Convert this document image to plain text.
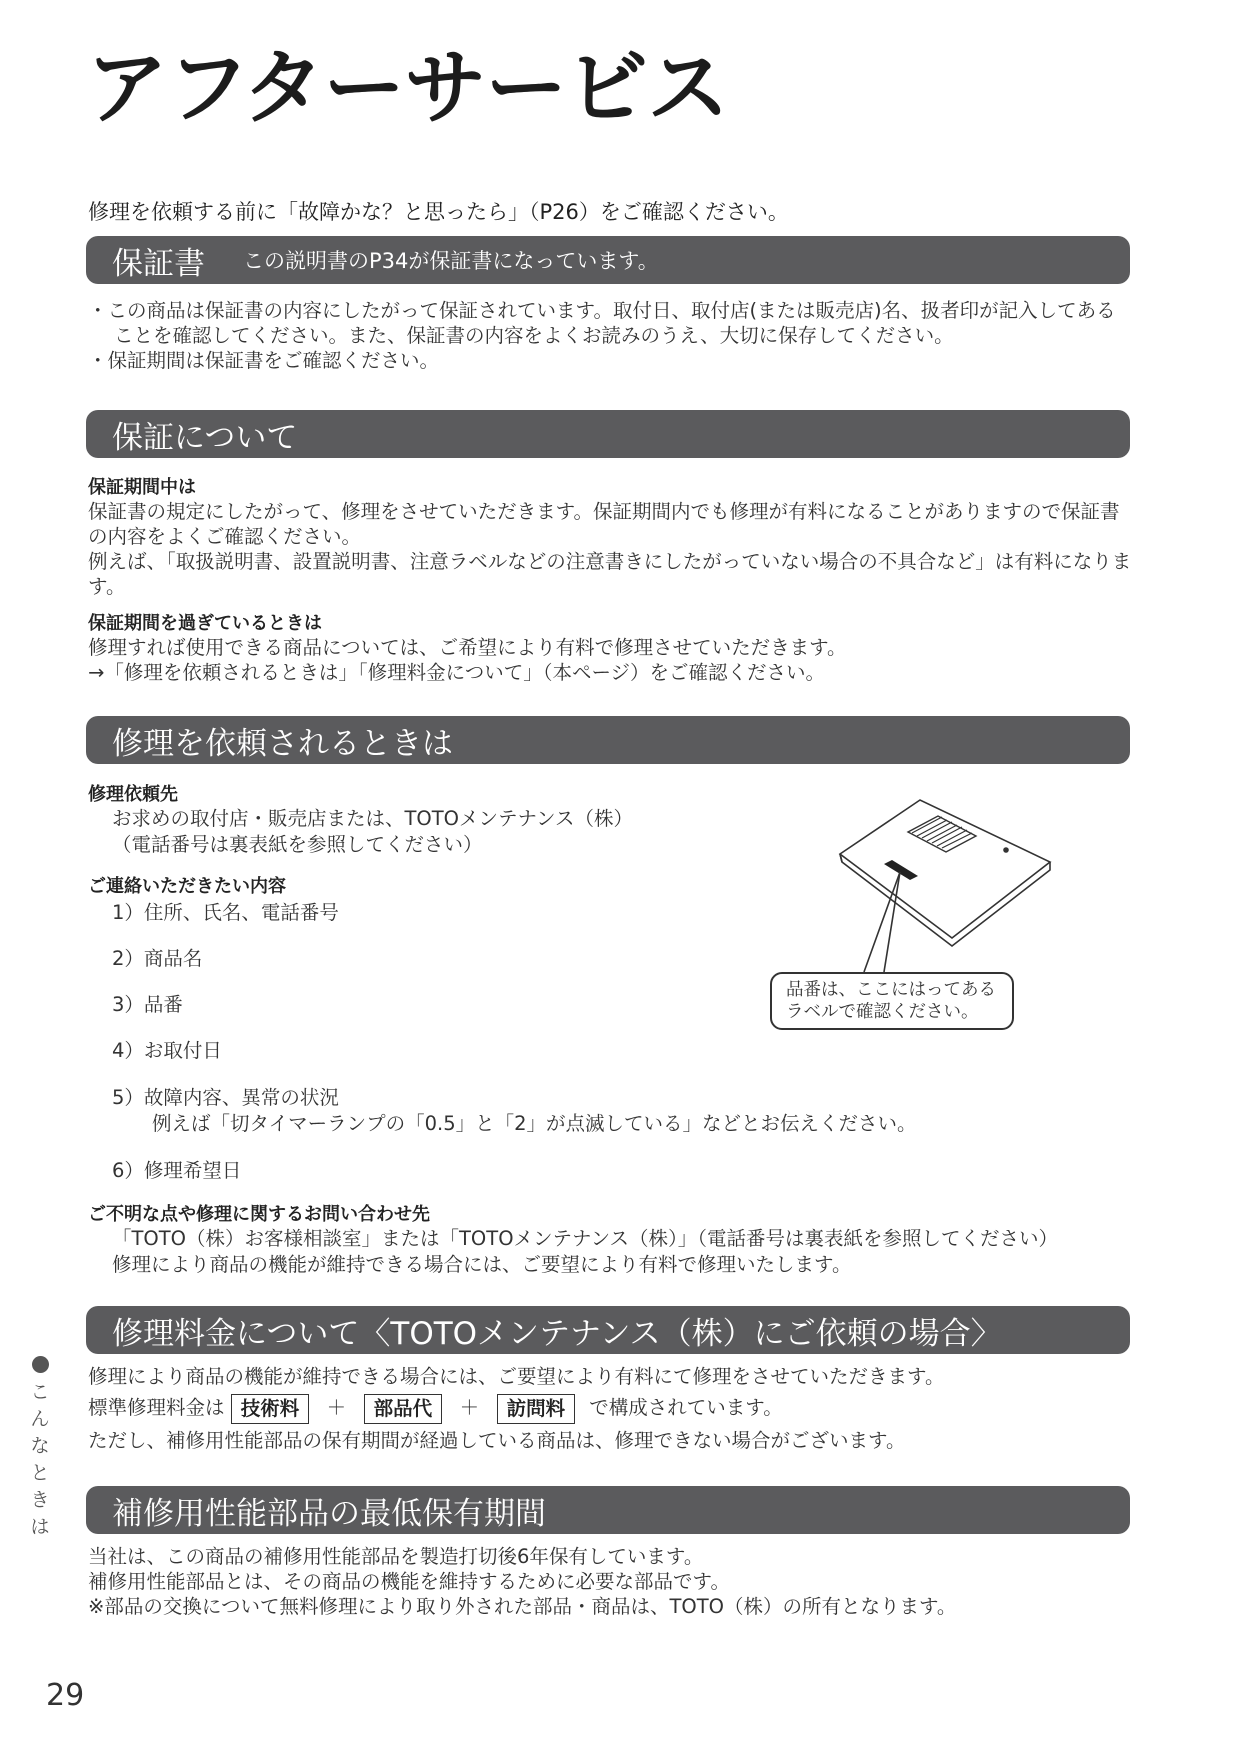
アフターサービス
修理を依頼する前に「故障かな？と思ったら」（P26）をご確認ください。
保証書 この説明書のP34が保証書になっています。
・この商品は保証書の内容にしたがって保証されています。取付日、取付店(または販売店)名、扱者印が記入してあることを確認してください。また、保証書の内容をよくお読みのうえ、大切に保存してください。
・保証期間は保証書をご確認ください。
保証について
保証期間中は
保証書の規定にしたがって、修理をさせていただきます。保証期間内でも修理が有料になることがありますので保証書の内容をよくご確認ください。
例えば、「取扱説明書、設置説明書、注意ラベルなどの注意書きにしたがっていない場合の不具合など」は有料になります。
保証期間を過ぎているときは
修理すれば使用できる商品については、ご希望により有料で修理させていただきます。
→「修理を依頼されるときは」「修理料金について」（本ページ）をご確認ください。
修理を依頼されるときは
修理依頼先
お求めの取付店・販売店または、TOTOメンテナンス（株）
（電話番号は裏表紙を参照してください）
ご連絡いただきたい内容
1）住所、氏名、電話番号
2）商品名
3）品番
4）お取付日
5）故障内容、異常の状況
例えば「切タイマーランプの「0.5」と「2」が点滅している」などとお伝えください。
6）修理希望日
ご不明な点や修理に関するお問い合わせ先
「TOTO（株）お客様相談室」または「TOTOメンテナンス（株）」（電話番号は裏表紙を参照してください）
修理により商品の機能が維持できる場合には、ご要望により有料で修理いたします。
品番は、ここにはってある
ラベルで確認ください。
修理料金について〈TOTOメンテナンス（株）にご依頼の場合〉
修理により商品の機能が維持できる場合には、ご要望により有料にて修理をさせていただきます。
標準修理料金は 技術料 ＋ 部品代 ＋ 訪問料 で構成されています。
ただし、補修用性能部品の保有期間が経過している商品は、修理できない場合がございます。
補修用性能部品の最低保有期間
当社は、この商品の補修用性能部品を製造打切後6年保有しています。
補修用性能部品とは、その商品の機能を維持するために必要な部品です。
※部品の交換について無料修理により取り外された部品・商品は、TOTO（株）の所有となります。
こ
ん
な
と
き
は
29
